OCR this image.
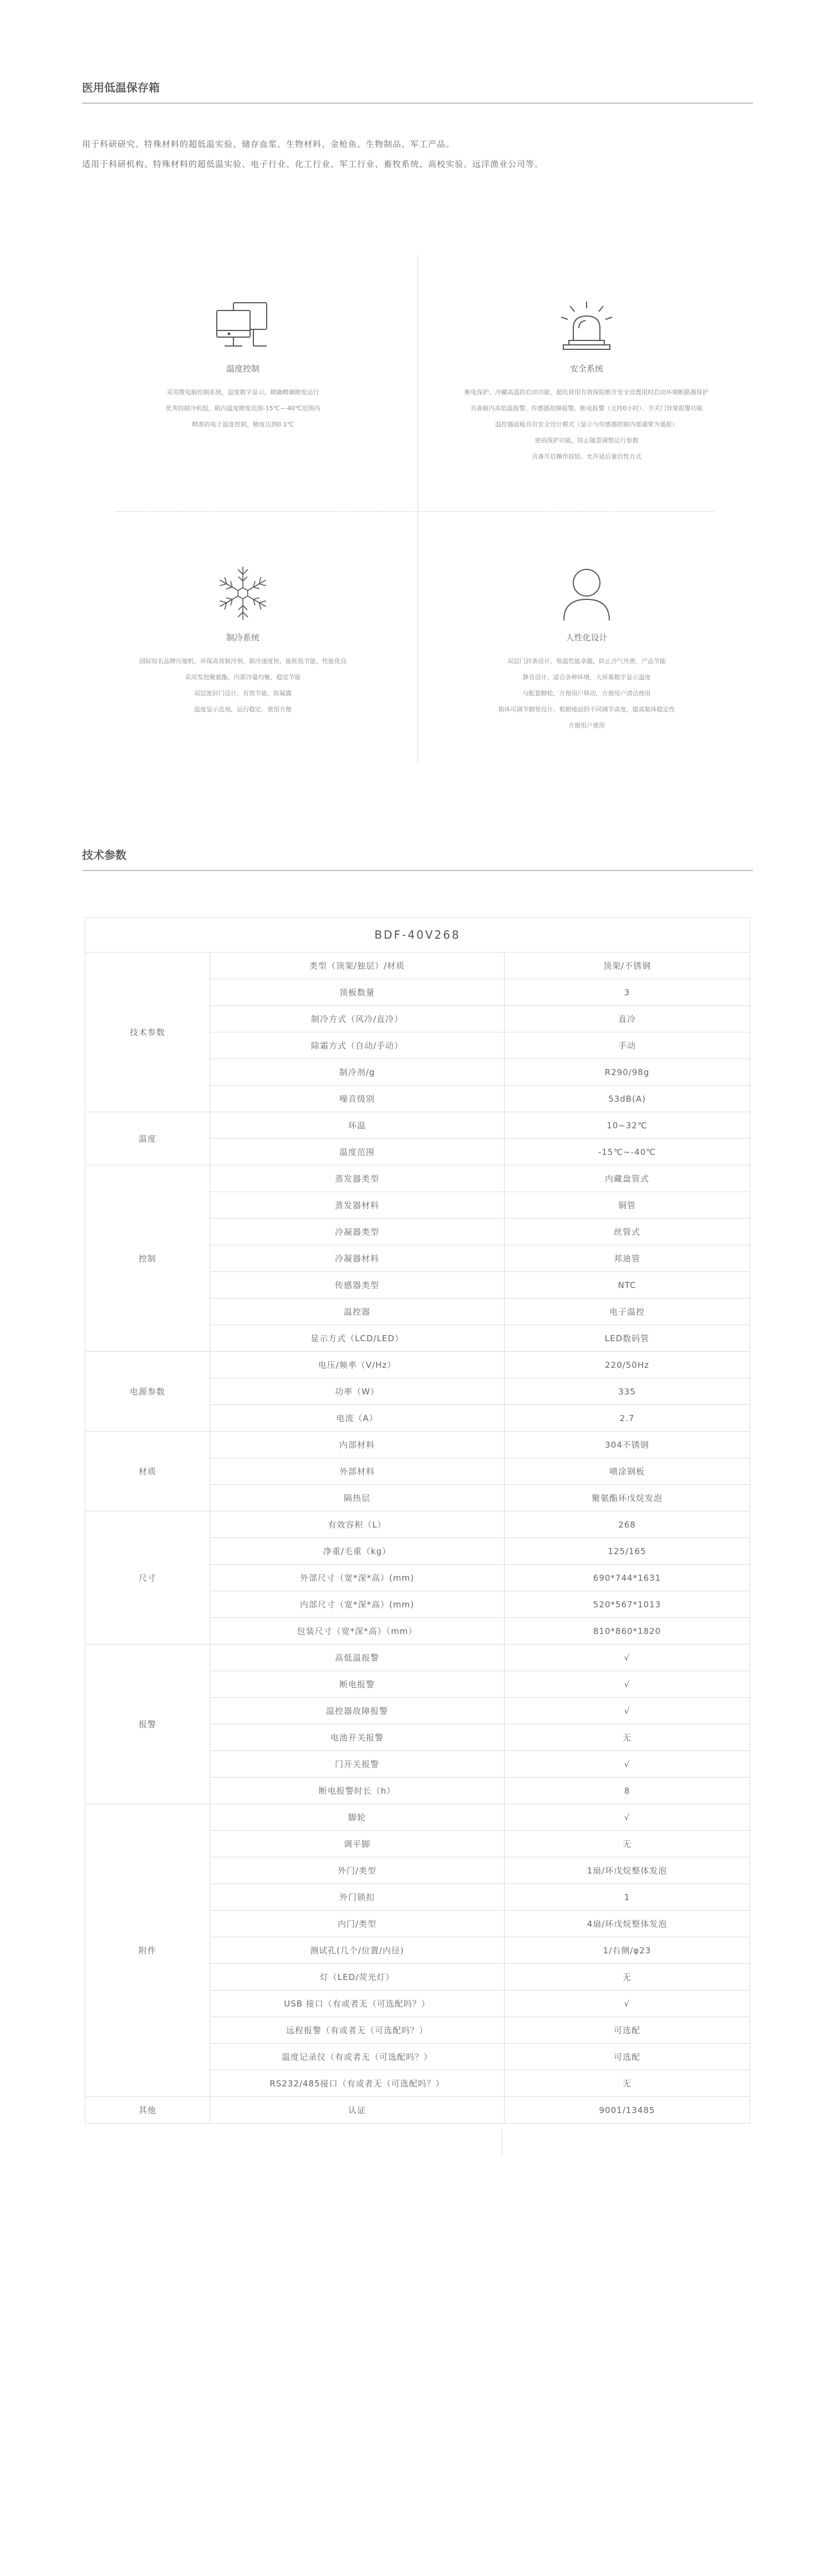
医用低温保存箱

用于科研研究、特殊材料的超低温实验、储存血浆、生物材料、金枪鱼、生物制品、军工产品。

适用于科研机构、特殊材料的超低温实验、电子行业、化工行业、军工行业、畜牧系统、高校实验、远洋渔业公司等。

温度控制
采用微电脑控制系统，温度数字显示，精确精确精度运行
优秀的制冷机组，箱内温度精度范围-15℃~-40℃范围内
精准的电子温度控制，精度达到0.1℃
安全系统
断电保护、冷藏高温的启动功能、超负荷用有效保险断开安全设置用时启动环境断路器保护
具备箱内高低温报警、传感器故障报警、断电报警（支持0小时）、开关门异常报警功能
温控器面板具有安全设计模式（显示与传感器控制内部通常为通报）
密码保护功能，防止随意调整运行参数
具备开启操作按钮、允许延后重启性方式
制冷系统
国际知名品牌压缩机，环保高效制冷剂，制冷速度快，能耗低节能，性能优良
采用发泡聚氨酯，内部冷量均衡，稳定节能
双层密封门设计，有效节能，防凝露
温度显示直观，运行稳定，使用方便
人性化设计
双层门封条设计，保温性能卓越，防止冷气外泄，产品节能
静音设计，适合各种环境，大屏幕数字显示温度
与配套脚轮，方便用户移动，方便用户清洁使用
箱体可调节脚垫设计，根据地面的不同调节高度，提高箱体稳定性
方便用户使用
技术参数
BDF-40V268		
技术参数	类型（顶架/独层）/材质	顶架/不锈钢
	顶板数量	3
	制冷方式（风冷/直冷）	直冷
	除霜方式（自动/手动）	手动
	制冷剂/g	R290/98g
	噪音级别	53dB(A)
温度	环温	10~32℃
	温度范围	-15℃~-40℃
控制	蒸发器类型	内藏盘管式
	蒸发器材料	铜管
	冷凝器类型	丝管式
	冷凝器材料	邦迪管
	传感器类型	NTC
	温控器	电子温控
	显示方式（LCD/LED）	LED数码管
电源参数	电压/频率（V/Hz）	220/50Hz
	功率（W）	335
	电流（A）	2.7
材质	内部材料	304不锈钢
	外部材料	喷涂钢板
	隔热层	聚氨酯环戊烷发泡
尺寸	有效容积（L）	268
	净重/毛重（kg）	125/165
	外部尺寸（宽*深*高）(mm)	690*744*1631
	内部尺寸（宽*深*高）(mm)	520*567*1013
	包装尺寸（宽*深*高）（mm）	810*860*1820
报警	高低温报警	√
	断电报警	√
	温控器故障报警	√
	电池开关报警	无
	门开关报警	√
	断电报警时长（h）	8
附件	脚轮	√
	调平脚	无
	外门/类型	1扇/环戊烷整体发泡
	外门锁扣	1
	内门/类型	4扇/环戊烷整体发泡
	测试孔(几个/位置/内径)	1/右侧/φ23
	灯（LED/荧光灯）	无
	USB 接口（有或者无（可选配吗？）	√
	远程报警（有或者无（可选配吗？）	可选配
	温度记录仪（有或者无（可选配吗？）	可选配
	RS232/485接口（有或者无（可选配吗？）	无
其他	认证	9001/13485
